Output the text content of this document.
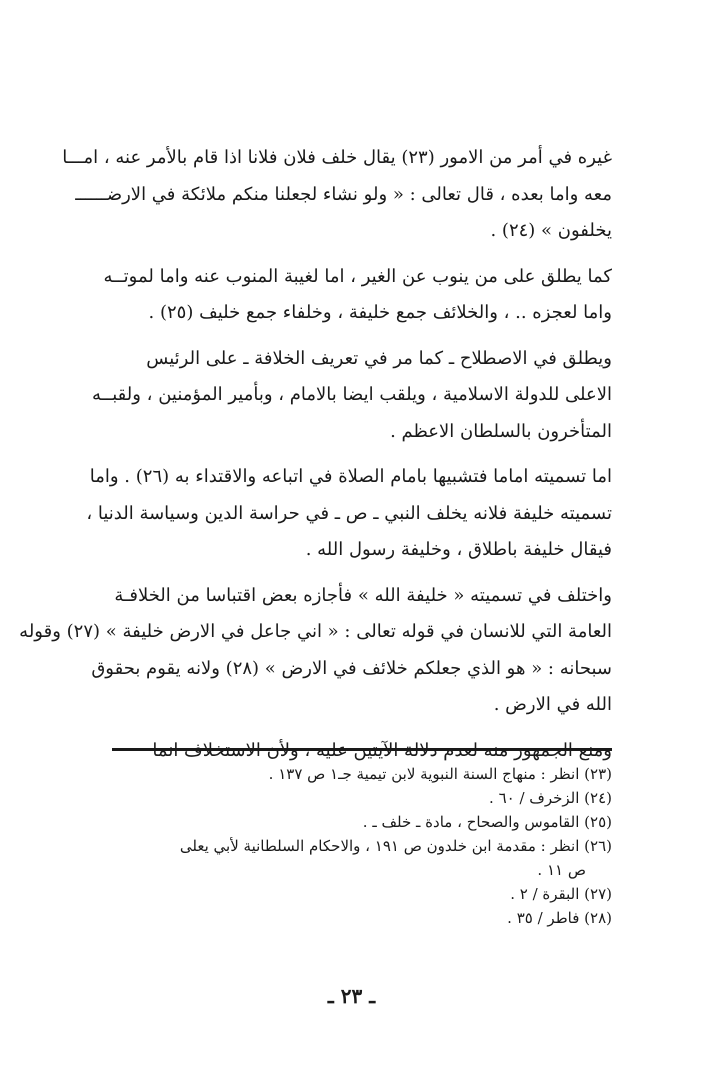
غيره في أمر من الامور (٢٣) يقال خلف فلان فلانا اذا قام بالأمر عنه ، امـــا
معه واما بعده ، قال تعالى : « ولو نشاء لجعلنا منكم ملائكة في الارضــــــ
يخلفون » (٢٤) .

كما يطلق على من ينوب عن الغير ، اما لغيبة المنوب عنه واما لموتــه
واما لعجزه .. ، والخلائف جمع خليفة ، وخلفاء جمع خليف (٢٥) .

ويطلق في الاصطلاح ـ كما مر في تعريف الخلافة ـ على الرئيس
الاعلى للدولة الاسلامية ، ويلقب ايضا بالامام ، وبأمير المؤمنين ، ولقبــه
المتأخرون بالسلطان الاعظم .

اما تسميته اماما فتشبيها بامام الصلاة في اتباعه والاقتداء به (٢٦) . واما
تسميته خليفة فلانه يخلف النبي ـ ص ـ في حراسة الدين وسياسة الدنيا ،
فيقال خليفة باطلاق ، وخليفة رسول الله .

واختلف في تسميته « خليفة الله » فأجازه بعض اقتباسا من الخلافـة
العامة التي للانسان في قوله تعالى : « اني جاعل في الارض خليفة » (٢٧) وقوله
سبحانه : « هو الذي جعلكم خلائف في الارض » (٢٨) ولانه يقوم بحقوق
الله في الارض .

ومنع الجمهور منه لعدم دلالة الآيتين عليه ، ولأن الاستخلاف انما

(٢٣) انظر : منهاج السنة النبوية لابن تيمية جـ١ ص ١٣٧ .
(٢٤) الزخرف / ٦٠ .
(٢٥) القاموس والصحاح ، مادة ـ خلف ـ .
(٢٦) انظر : مقدمة ابن خلدون ص ١٩١ ، والاحكام السلطانية لأبي يعلى
ص ١١ .
(٢٧) البقرة / ٢ .
(٢٨) فاطر / ٣٥ .
ـ ٢٣ ـ
